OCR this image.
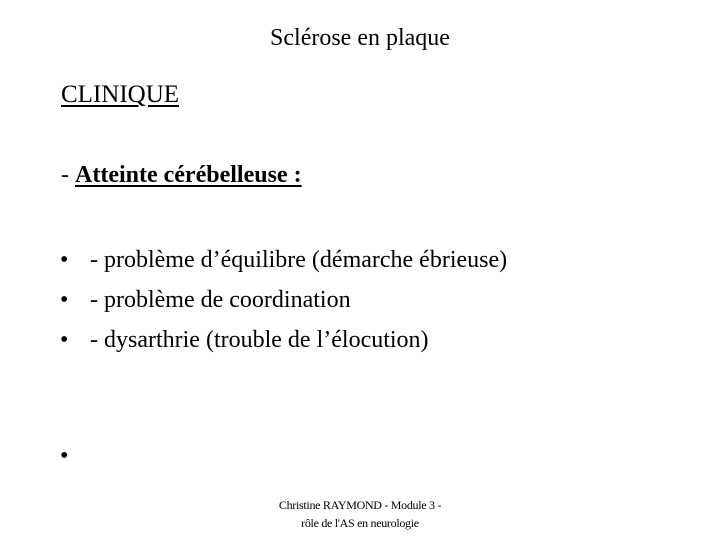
Sclérose en plaque
CLINIQUE
- Atteinte cérébelleuse :
• - problème d’équilibre (démarche ébrieuse)
• - problème de coordination
• - dysarthrie (trouble de l’élocution)
•
Christine RAYMOND - Module 3 -
rôle de l'AS en neurologie
